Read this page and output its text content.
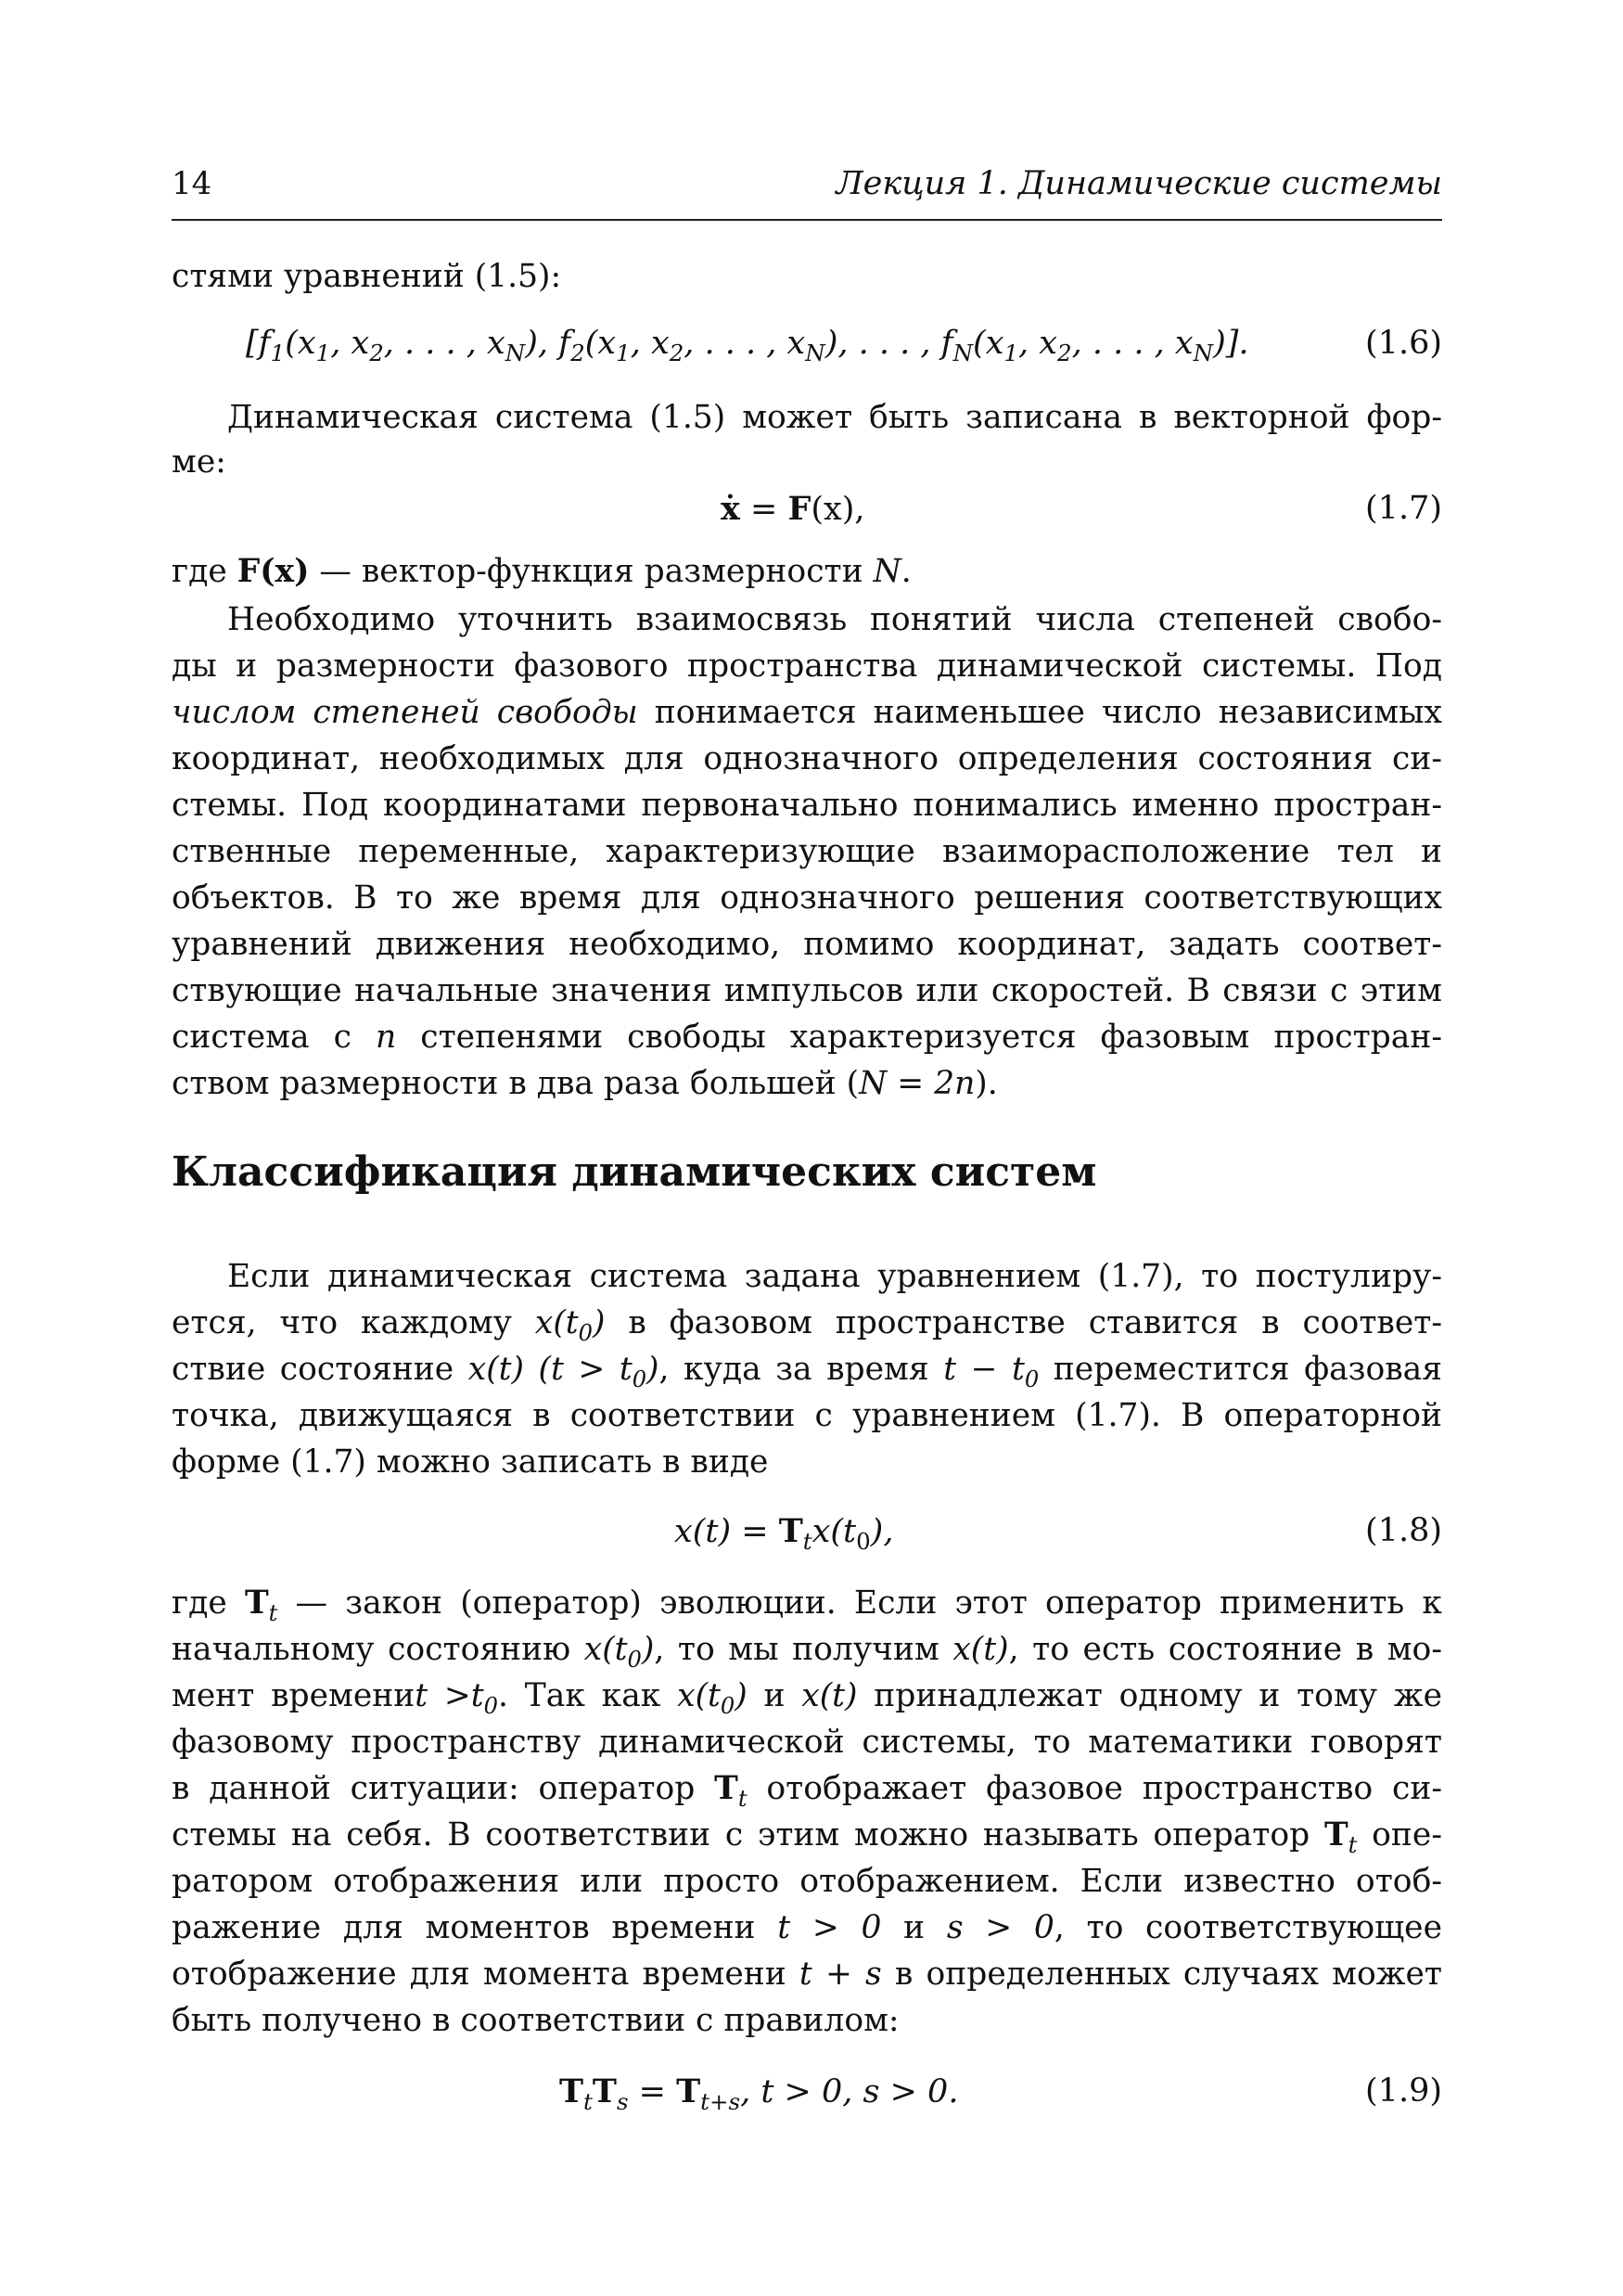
14	Лекция 1. Динамические системы
стями уравнений (1.5):
[$f_1(x_1$, $x_2$, . . . , $x_N$), $f_2(x_1$, $x_2$, . . . , $x_N$), . . . , $f_N(x_1$, $x_2$, . . . , $x_N$)].	(1.6)
Динамическая система (1.5) может быть записана в векторной фор-
ме:
ẋ = F(x),	(1.7)
где F(x) — вектор-функция размерности N.
Необходимо уточнить взаимосвязь понятий числа степеней свобо-
ды и размерности фазового пространства динамической системы. Под
числом степеней свободы понимается наименьшее число независимых
координат, необходимых для однозначного определения состояния си-
стемы. Под координатами первоначально понимались именно простран-
ственные переменные, характеризующие взаиморасположение тел и
объектов. В то же время для однозначного решения соответствующих
уравнений движения необходимо, помимо координат, задать соответ-
ствующие начальные значения импульсов или скоростей. В связи с этим
система с n степенями свободы характеризуется фазовым простран-
ством размерности в два раза большей (N = 2n).
Классификация динамических систем
Если динамическая система задана уравнением (1.7), то постулиру-
ется, что каждому $x(t_0)$ в фазовом пространстве ставится в соответ-
ствие состояние x(t) $(t > t_0)$, куда за время $t - t_0$ переместится фазовая
точка, движущаяся в соответствии с уравнением (1.7). В операторной
форме (1.7) можно записать в виде
$x(t) = T_tx(t_0)$,	(1.8)
где $T_t$ — закон (оператор) эволюции. Если этот оператор применить к
начальному состоянию $x(t_0)$, то мы получим x(t), то есть состояние в мо-
мент времениt $>t_0$. Так как $x(t_0)$ и x(t) принадлежат одному и тому же
фазовому пространству динамической системы, то математики говорят
в данной ситуации: оператор $T_t$ отображает фазовое пространство си-
стемы на себя. В соответствии с этим можно называть оператор $T_t$ опе-
ратором отображения или просто отображением. Если известно отоб-
ражение для моментов времени t > 0 и s > 0, то соответствующее
отображение для момента времени t + s в определенных случаях может
быть получено в соответствии с правилом:
$T_tT_s = T_{t+s}$, t > 0, s > 0.	(1.9)
